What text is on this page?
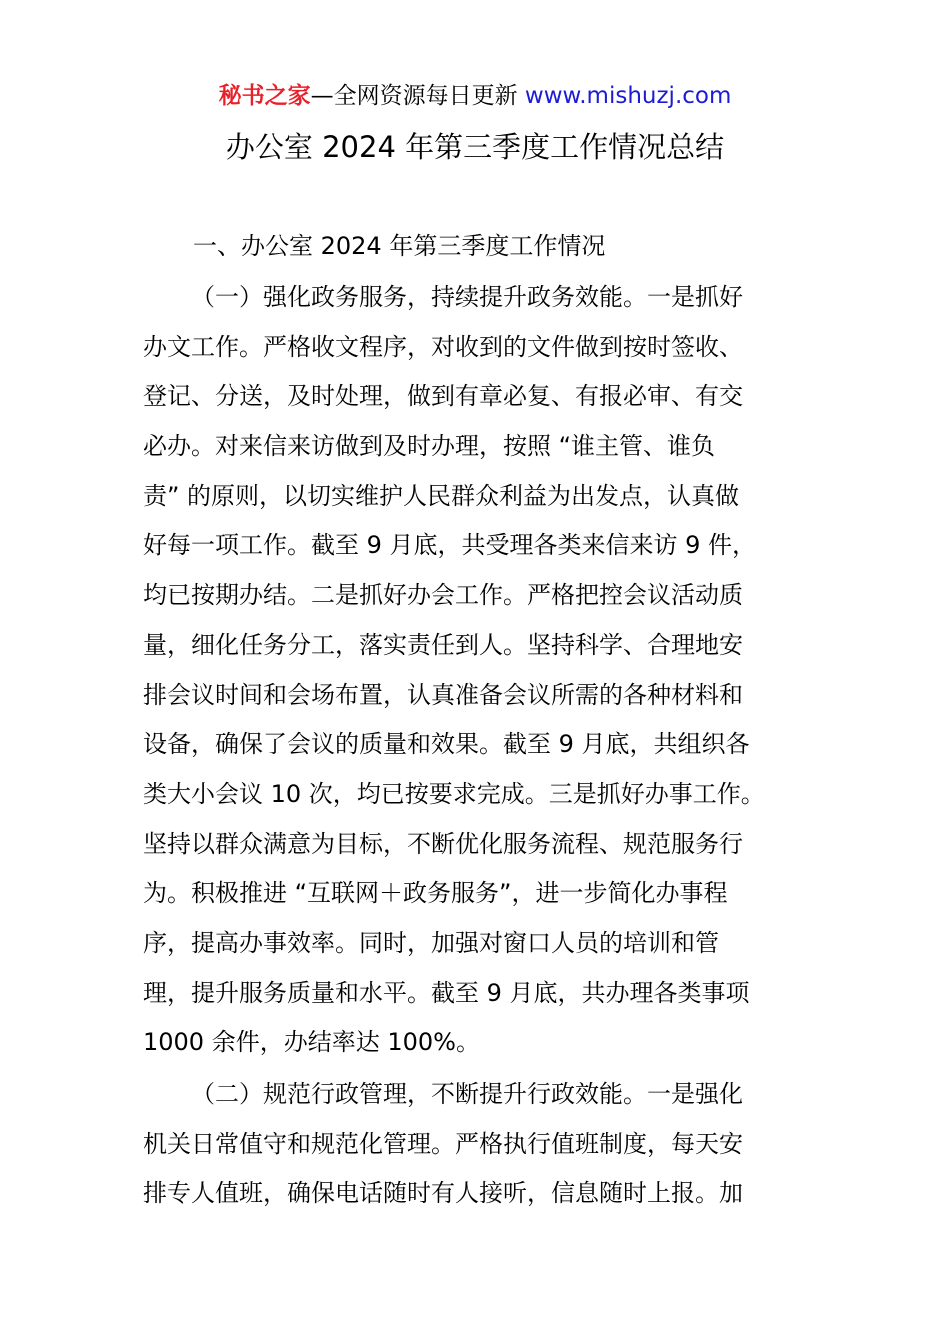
秘书之家—全网资源每日更新 www.mishuzj.com
办公室 2024 年第三季度工作情况总结
一、办公室 2024 年第三季度工作情况
（一）强化政务服务，持续提升政务效能。一是抓好
办文工作。严格收文程序，对收到的文件做到按时签收、
登记、分送，及时处理，做到有章必复、有报必审、有交
必办。对来信来访做到及时办理，按照 “谁主管、谁负
责” 的原则，以切实维护人民群众利益为出发点，认真做
好每一项工作。截至 9 月底，共受理各类来信来访 9 件，
均已按期办结。二是抓好办会工作。严格把控会议活动质
量，细化任务分工，落实责任到人。坚持科学、合理地安
排会议时间和会场布置，认真准备会议所需的各种材料和
设备，确保了会议的质量和效果。截至 9 月底，共组织各
类大小会议 10 次，均已按要求完成。三是抓好办事工作。
坚持以群众满意为目标，不断优化服务流程、规范服务行
为。积极推进 “互联网＋政务服务”，进一步简化办事程
序，提高办事效率。同时，加强对窗口人员的培训和管
理，提升服务质量和水平。截至 9 月底，共办理各类事项
1000 余件，办结率达 100%。
（二）规范行政管理，不断提升行政效能。一是强化
机关日常值守和规范化管理。严格执行值班制度，每天安
排专人值班，确保电话随时有人接听，信息随时上报。加
